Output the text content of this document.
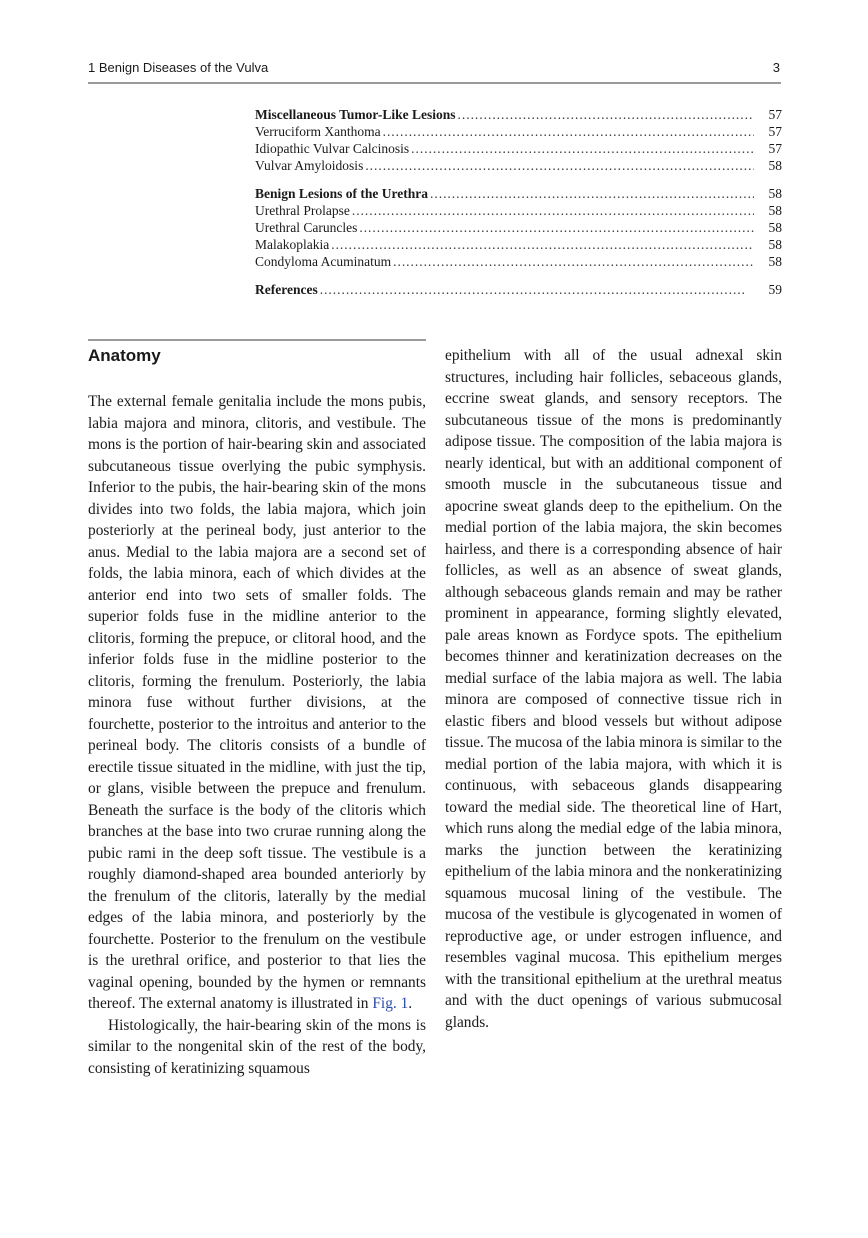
1 Benign Diseases of the Vulva	3
Miscellaneous Tumor-Like Lesions . . .	57
Verruciform Xanthoma . . .	57
Idiopathic Vulvar Calcinosis . . .	57
Vulvar Amyloidosis . . .	58
Benign Lesions of the Urethra . . .	58
Urethral Prolapse . . .	58
Urethral Caruncles . . .	58
Malakoplakia . . .	58
Condyloma Acuminatum . . .	58
References . . .	59
Anatomy

The external female genitalia include the mons pubis, labia majora and minora, clitoris, and vestibule. The mons is the portion of hair-bearing skin and associated subcutaneous tissue overlying the pubic symphysis. Inferior to the pubis, the hair-bearing skin of the mons divides into two folds, the labia majora, which join posteriorly at the perineal body, just anterior to the anus. Medial to the labia majora are a second set of folds, the labia minora, each of which divides at the anterior end into two sets of smaller folds. The superior folds fuse in the midline anterior to the clitoris, forming the prepuce, or clitoral hood, and the inferior folds fuse in the midline posterior to the clitoris, forming the frenulum. Posteriorly, the labia minora fuse without further divisions, at the fourchette, posterior to the introitus and anterior to the perineal body. The clitoris consists of a bundle of erectile tissue situated in the midline, with just the tip, or glans, visible between the prepuce and frenulum. Beneath the surface is the body of the clitoris which branches at the base into two crurae running along the pubic rami in the deep soft tissue. The vestibule is a roughly diamond-shaped area bounded anteriorly by the frenulum of the clitoris, laterally by the medial edges of the labia minora, and posteriorly by the fourchette. Posterior to the frenulum on the vestibule is the urethral orifice, and posterior to that lies the vaginal opening, bounded by the hymen or remnants thereof. The external anatomy is illustrated in Fig. 1.

Histologically, the hair-bearing skin of the mons is similar to the nongenital skin of the rest of the body, consisting of keratinizing squamous

epithelium with all of the usual adnexal skin structures, including hair follicles, sebaceous glands, eccrine sweat glands, and sensory receptors. The subcutaneous tissue of the mons is predominantly adipose tissue. The composition of the labia majora is nearly identical, but with an additional component of smooth muscle in the subcutaneous tissue and apocrine sweat glands deep to the epithelium. On the medial portion of the labia majora, the skin becomes hairless, and there is a corresponding absence of hair follicles, as well as an absence of sweat glands, although sebaceous glands remain and may be rather prominent in appearance, forming slightly elevated, pale areas known as Fordyce spots. The epithelium becomes thinner and keratinization decreases on the medial surface of the labia majora as well. The labia minora are composed of connective tissue rich in elastic fibers and blood vessels but without adipose tissue. The mucosa of the labia minora is similar to the medial portion of the labia majora, with which it is continuous, with sebaceous glands disappearing toward the medial side. The theoretical line of Hart, which runs along the medial edge of the labia minora, marks the junction between the keratinizing epithelium of the labia minora and the nonkeratinizing squamous mucosal lining of the vestibule. The mucosa of the vestibule is glycogenated in women of reproductive age, or under estrogen influence, and resembles vaginal mucosa. This epithelium merges with the transitional epithelium at the urethral meatus and with the duct openings of various submucosal glands.
